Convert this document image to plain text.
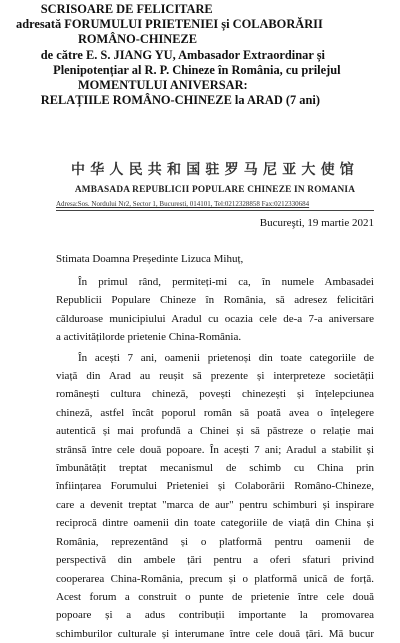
SCRISOARE DE FELICITARE
adresată FORUMULUI PRIETENIEI și COLABORĂRII
ROMÂNO-CHINEZE
de către E. S. JIANG YU, Ambasador Extraordinar și
Plenipotențiar al R. P. Chineze în România, cu prilejul
MOMENTULUI ANIVERSAR:
RELAȚIILE ROMÂNO-CHINEZE la ARAD (7 ani)
中华人民共和国驻罗马尼亚大使馆
AMBASADA REPUBLICII POPULARE CHINEZE IN ROMANIA
Adresa:Sos. Nordului Nr2, Sector 1, Bucuresti, 014101, Tel:0212328858 Fax:0212330684
Bucureşti, 19 martie 2021
Stimata Doamna Președinte Lizuca Mihuț,
În primul rând, permiteți-mi ca, în numele Ambasadei
Republicii Populare Chineze în România, să adresez felicitări
călduroase municipiului Aradul cu ocazia cele de-a 7-a aniversare
a activitățilorde prietenie China-România.
În acești 7 ani, oamenii prietenoși din toate categoriile de
viață din Arad au reușit să prezente și interpreteze societății
românești cultura chineză, povești chinezești și înțelepciunea
chineză, astfel încât poporul român să poată avea o înțelegere
autentică și mai profundă a Chinei și să păstreze o relație mai
strânsă între cele două popoare. În acești 7 ani; Aradul a stabilit și
îmbunătățit treptat mecanismul de schimb cu China prin
înființarea Forumului Prieteniei și Colaborării Româno-Chineze,
care a devenit treptat "marca de aur" pentru schimburi și inspirare
reciprocă dintre oamenii din toate categoriile de viață din China și
România, reprezentând și o platformă pentru oamenii de
perspectivă din ambele țări pentru a oferi sfaturi privind
cooperarea China-România, precum și o platformă unică de forță.
Acest forum a construit o punte de prietenie între cele două
popoare și a adus contribuții importante la promovarea
schimburilor culturale și interumane între cele două țări. Mă bucur
